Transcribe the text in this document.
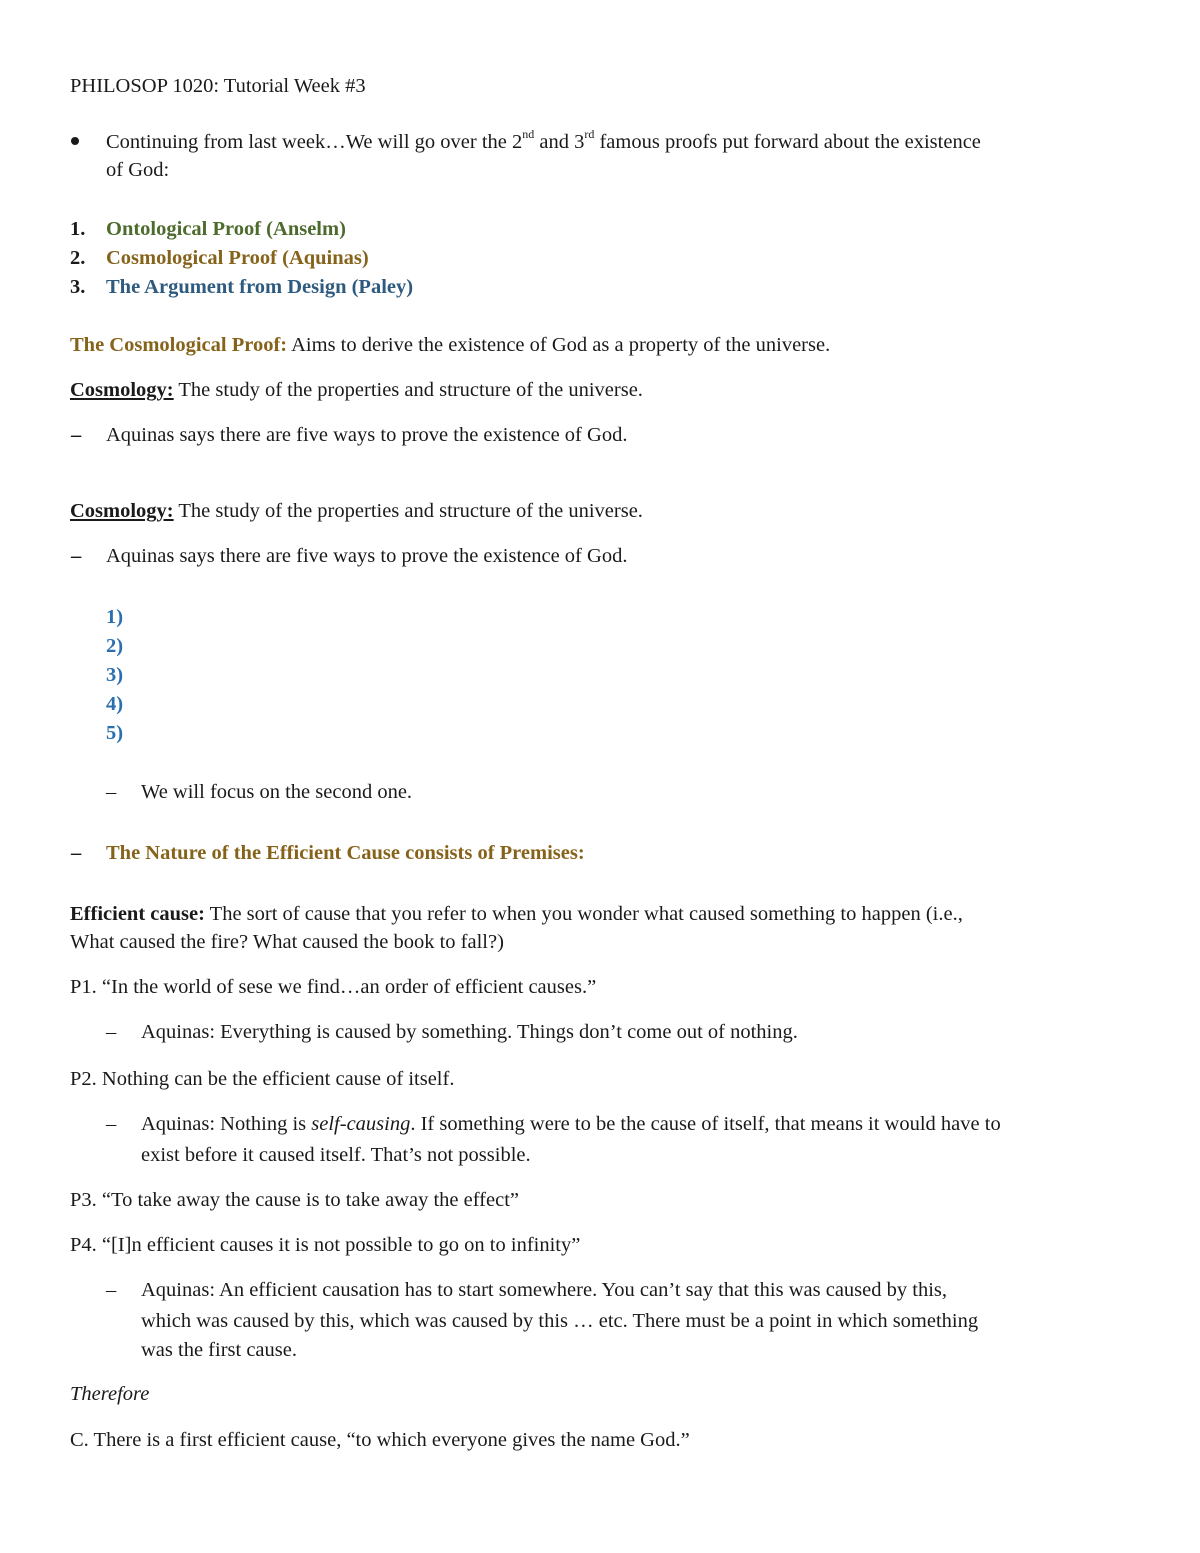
PHILOSOP 1020: Tutorial Week #3
Continuing from last week…We will go over the 2nd and 3rd famous proofs put forward about the existence
of God:
1. Ontological Proof (Anselm)
2. Cosmological Proof (Aquinas)
3. The Argument from Design (Paley)
The Cosmological Proof: Aims to derive the existence of God as a property of the universe.
Cosmology: The study of the properties and structure of the universe.
– Aquinas says there are five ways to prove the existence of God.
Cosmology: The study of the properties and structure of the universe.
– Aquinas says there are five ways to prove the existence of God.
1)
2)
3)
4)
5)
– We will focus on the second one.
– The Nature of the Efficient Cause consists of Premises:
Efficient cause: The sort of cause that you refer to when you wonder what caused something to happen (i.e.,
What caused the fire? What caused the book to fall?)
P1. “In the world of sese we find…an order of efficient causes.”
– Aquinas: Everything is caused by something. Things don’t come out of nothing.
P2. Nothing can be the efficient cause of itself.
– Aquinas: Nothing is self-causing. If something were to be the cause of itself, that means it would have to
exist before it caused itself. That’s not possible.
P3. “To take away the cause is to take away the effect”
P4. “[I]n efficient causes it is not possible to go on to infinity”
– Aquinas: An efficient causation has to start somewhere. You can’t say that this was caused by this,
which was caused by this, which was caused by this … etc. There must be a point in which something
was the first cause.
Therefore
C. There is a first efficient cause, “to which everyone gives the name God.”
